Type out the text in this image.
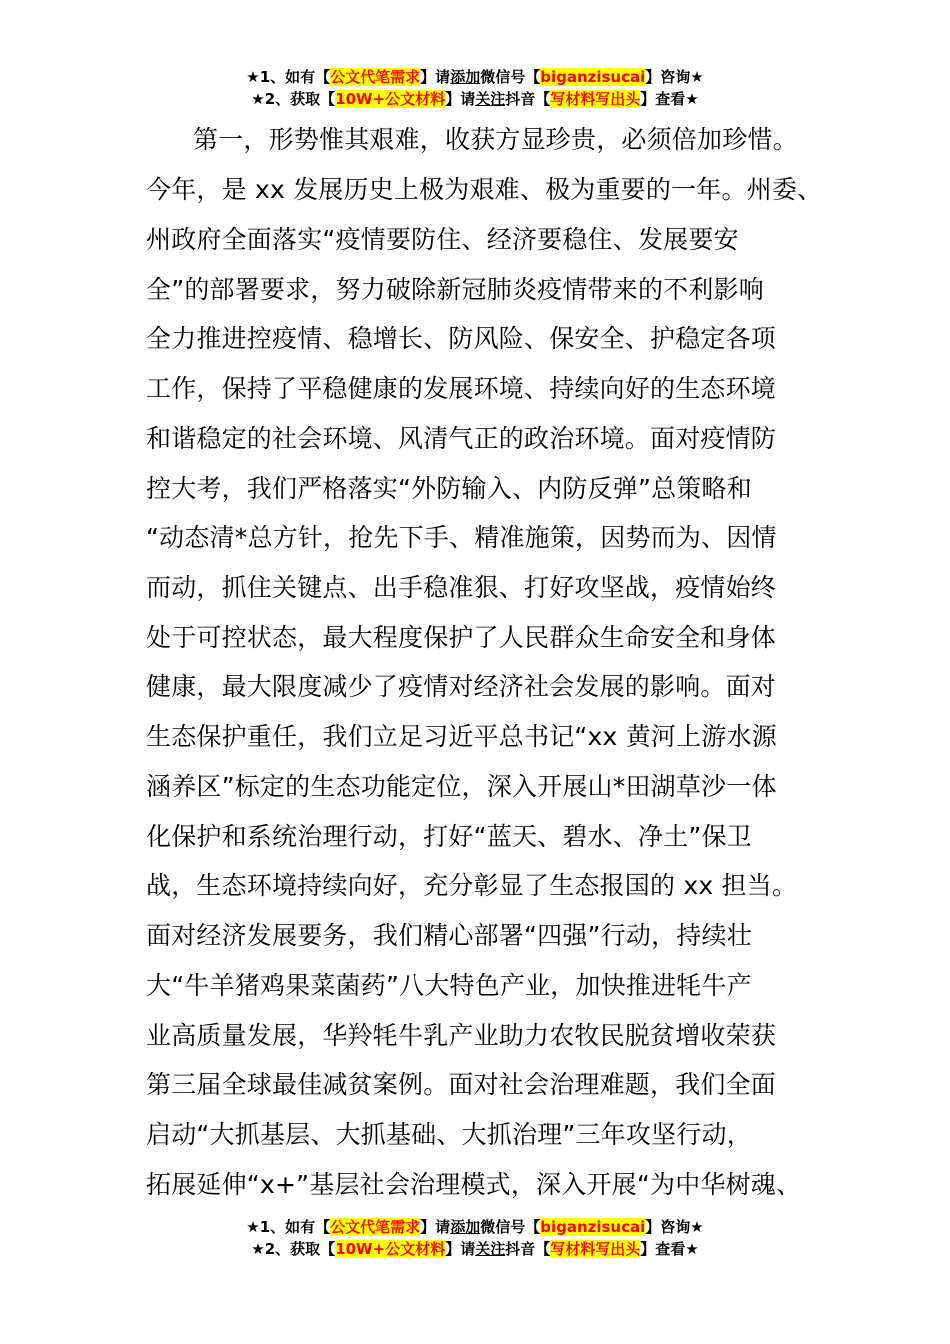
★1、如有【公文代笔需求】请添加微信号【biganzisucai】咨询★
★2、获取【10W+公文材料】请关注抖音【写材料写出头】查看★
第一，形势惟其艰难，收获方显珍贵，必须倍加珍惜。
今年，是 xx 发展历史上极为艰难、极为重要的一年。州委、
州政府全面落实“疫情要防住、经济要稳住、发展要安
全”的部署要求，努力破除新冠肺炎疫情带来的不利影响
全力推进控疫情、稳增长、防风险、保安全、护稳定各项
工作，保持了平稳健康的发展环境、持续向好的生态环境
和谐稳定的社会环境、风清气正的政治环境。面对疫情防
控大考，我们严格落实“外防输入、内防反弹”总策略和
“动态清*总方针，抢先下手、精准施策，因势而为、因情
而动，抓住关键点、出手稳准狠、打好攻坚战，疫情始终
处于可控状态，最大程度保护了人民群众生命安全和身体
健康，最大限度减少了疫情对经济社会发展的影响。面对
生态保护重任，我们立足习近平总书记“xx 黄河上游水源
涵养区”标定的生态功能定位，深入开展山*田湖草沙一体
化保护和系统治理行动，打好“蓝天、碧水、净土”保卫
战，生态环境持续向好，充分彰显了生态报国的 xx 担当。
面对经济发展要务，我们精心部署“四强”行动，持续壮
大“牛羊猪鸡果菜菌药”八大特色产业，加快推进牦牛产
业高质量发展，华羚牦牛乳产业助力农牧民脱贫增收荣获
第三届全球最佳减贫案例。面对社会治理难题，我们全面
启动“大抓基层、大抓基础、大抓治理”三年攻坚行动，
拓展延伸“x+”基层社会治理模式，深入开展“为中华树魂、
★1、如有【公文代笔需求】请添加微信号【biganzisucai】咨询★
★2、获取【10W+公文材料】请关注抖音【写材料写出头】查看★
